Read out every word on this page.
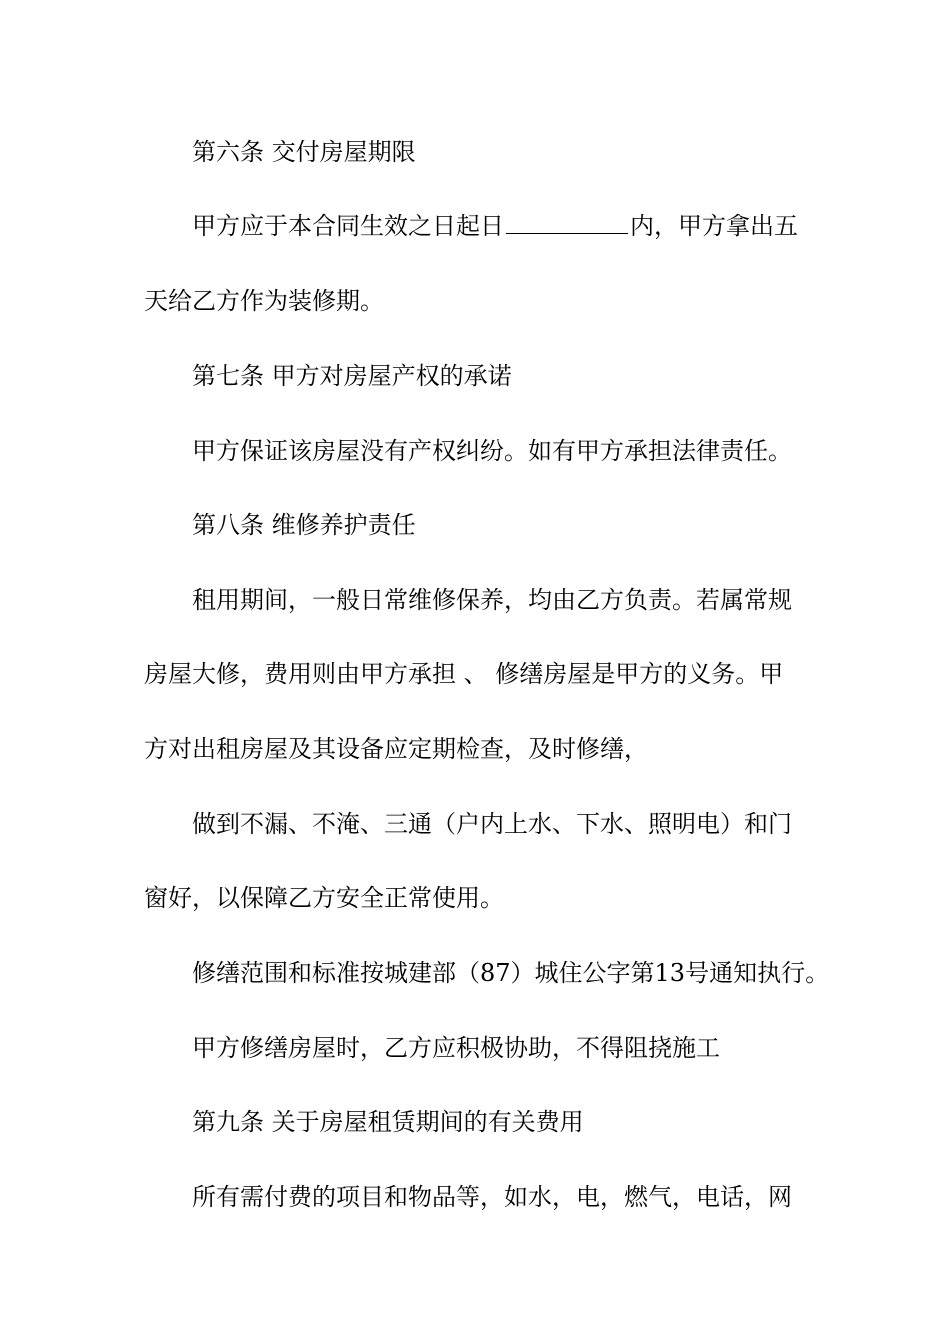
第六条 交付房屋期限

甲方应于本合同生效之日起日	内，甲方拿出五

天给乙方作为装修期。

第七条 甲方对房屋产权的承诺

甲方保证该房屋没有产权纠纷。如有甲方承担法律责任。

第八条 维修养护责任

租用期间，一般日常维修保养，均由乙方负责。若属常规

房屋大修，费用则由甲方承担 、 修缮房屋是甲方的义务。甲

方对出租房屋及其设备应定期检查，及时修缮，

做到不漏、不淹、三通（户内上水、下水、照明电）和门

窗好，以保障乙方安全正常使用。

修缮范围和标准按城建部（87）城住公字第13号通知执行。

甲方修缮房屋时，乙方应积极协助，不得阻挠施工

第九条 关于房屋租赁期间的有关费用

所有需付费的项目和物品等，如水，电，燃气，电话，网
